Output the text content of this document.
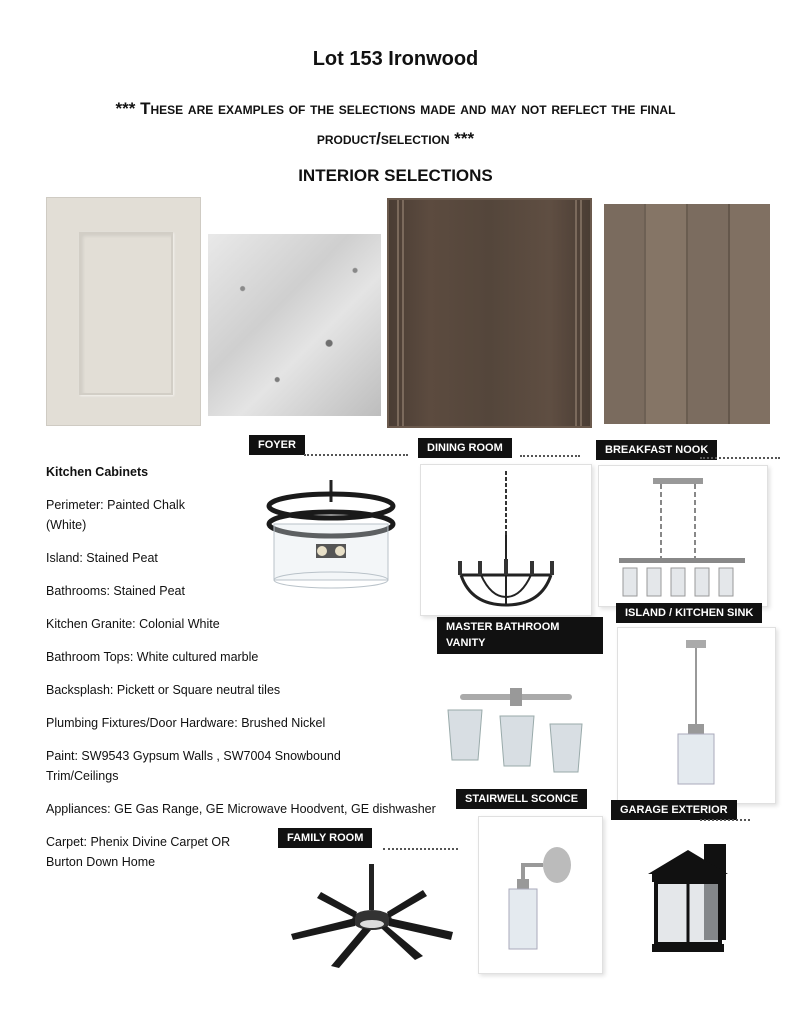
Lot 153 Ironwood
*** These are examples of the selections made and may not reflect the final
product/selection ***
INTERIOR SELECTIONS

Kitchen Cabinets

Perimeter: Painted Chalk
(White)

Island: Stained Peat

Bathrooms: Stained Peat

Kitchen Granite: Colonial White

Bathroom Tops: White cultured marble

Backsplash: Pickett or Square neutral tiles

Plumbing Fixtures/Door Hardware: Brushed Nickel

Paint: SW9543 Gypsum Walls , SW7004 Snowbound
Trim/Ceilings

Appliances: GE Gas Range, GE Microwave Hoodvent, GE dishwasher

Carpet: Phenix Divine Carpet OR
Burton Down Home

FOYER	DINING ROOM	BREAKFAST NOOK
MASTER BATHROOM
VANITY
ISLAND / KITCHEN SINK
STAIRWELL SCONCE
GARAGE EXTERIOR
FAMILY ROOM
